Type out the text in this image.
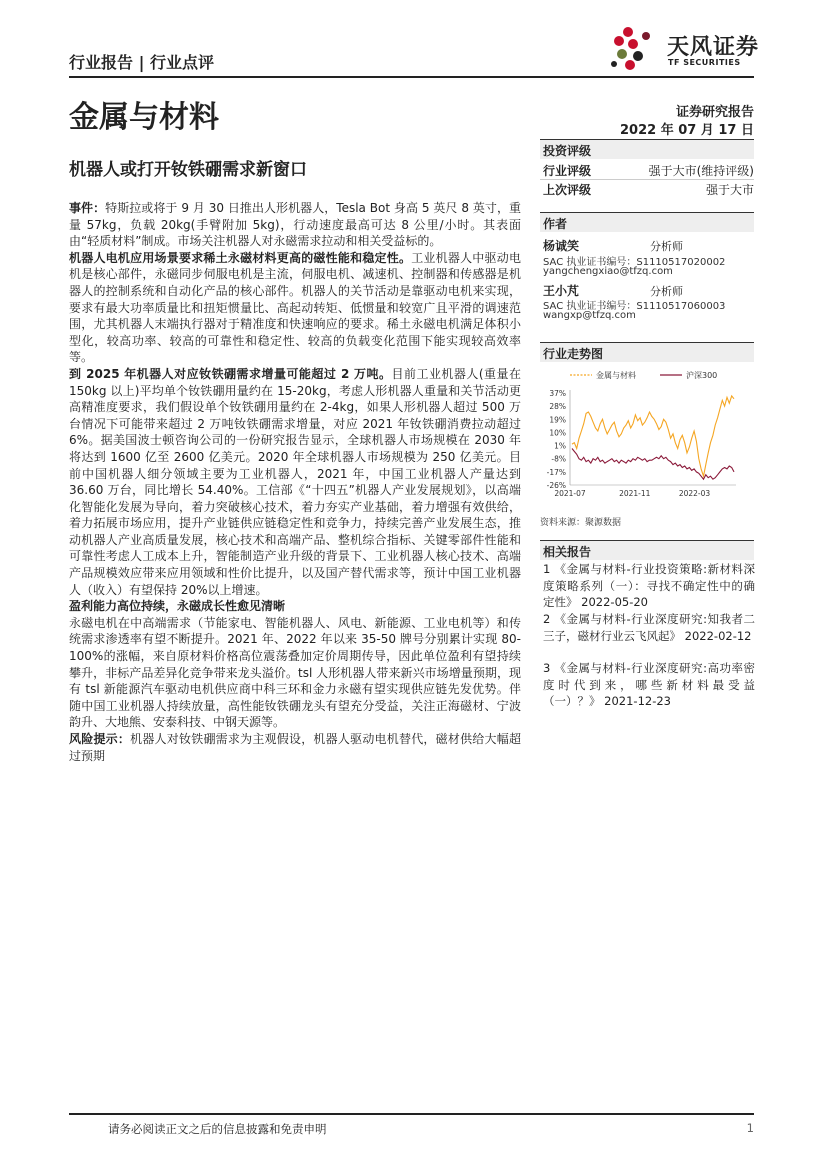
行业报告 | 行业点评
天风证券
TF SECURITIES
金属与材料	证券研究报告
2022 年 07 月 17 日
机器人或打开钕铁硼需求新窗口

事件：特斯拉或将于 9 月 30 日推出人形机器人，Tesla Bot 身高 5 英尺 8 英寸，重量 57kg，负载 20kg(手臂附加 5kg)，行动速度最高可达 8 公里/小时。其表面由“轻质材料”制成。市场关注机器人对永磁需求拉动和相关受益标的。

机器人电机应用场景要求稀土永磁材料更高的磁性能和稳定性。工业机器人中驱动电机是核心部件，永磁同步伺服电机是主流，伺服电机、减速机、控制器和传感器是机器人的控制系统和自动化产品的核心部件。机器人的关节活动是靠驱动电机来实现，要求有最大功率质量比和扭矩惯量比、高起动转矩、低惯量和较宽广且平滑的调速范围，尤其机器人末端执行器对于精准度和快速响应的要求。稀土永磁电机满足体积小型化，较高功率、较高的可靠性和稳定性、较高的负载变化范围下能实现较高效率等。

到 2025 年机器人对应钕铁硼需求增量可能超过 2 万吨。目前工业机器人(重量在 150kg 以上)平均单个钕铁硼用量约在 15-20kg，考虑人形机器人重量和关节活动更高精准度要求，我们假设单个钕铁硼用量约在 2-4kg，如果人形机器人超过 500 万台情况下可能带来超过 2 万吨钕铁硼需求增量，对应 2021 年钕铁硼消费拉动超过 6%。据美国波士顿咨询公司的一份研究报告显示，全球机器人市场规模在 2030 年将达到 1600 亿至 2600 亿美元。2020 年全球机器人市场规模为 250 亿美元。目前中国机器人细分领域主要为工业机器人，2021 年，中国工业机器人产量达到 36.60 万台，同比增长 54.40%。工信部《“十四五”机器人产业发展规划》，以高端化智能化发展为导向，着力突破核心技术，着力夯实产业基础，着力增强有效供给，着力拓展市场应用，提升产业链供应链稳定性和竞争力，持续完善产业发展生态，推动机器人产业高质量发展，核心技术和高端产品、整机综合指标、关键零部件性能和可靠性考虑人工成本上升，智能制造产业升级的背景下、工业机器人核心技术、高端产品规模效应带来应用领域和性价比提升，以及国产替代需求等，预计中国工业机器人（收入）有望保持 20%以上增速。

盈利能力高位持续，永磁成长性愈见清晰

永磁电机在中高端需求（节能家电、智能机器人、风电、新能源、工业电机等）和传统需求渗透率有望不断提升。2021 年、2022 年以来 35-50 牌号分别累计实现 80-100%的涨幅，来自原材料价格高位震荡叠加定价周期传导，因此单位盈利有望持续攀升，非标产品差异化竞争带来龙头溢价。tsl 人形机器人带来新兴市场增量预期，现有 tsl 新能源汽车驱动电机供应商中科三环和金力永磁有望实现供应链先发优势。伴随中国工业机器人持续放量，高性能钕铁硼龙头有望充分受益，关注正海磁材、宁波韵升、大地熊、安泰科技、中钢天源等。

风险提示：机器人对钕铁硼需求为主观假设，机器人驱动电机替代，磁材供给大幅超过预期

投资评级
行业评级	强于大市(维持评级)
上次评级	强于大市
作者
杨诚笑	分析师
SAC 执业证书编号：S1110517020002
yangchengxiao@tfzq.com
王小芃	分析师
SAC 执业证书编号：S1110517060003
wangxp@tfzq.com
行业走势图
金属与材料	沪深300
37%
28%
19%
10%
1%
-8%
-17%
-26%
2021-07	2021-11	2022-03
资料来源：聚源数据
相关报告
1 《金属与材料-行业投资策略:新材料深度策略系列（一）：寻找不确定性中的确定性》 2022-05-20
2 《金属与材料-行业深度研究:知我者二三子，磁材行业云飞风起》 2022-02-12
3 《金属与材料-行业深度研究:高功率密度时代到来，哪些新材料最受益（一）？》 2021-12-23
请务必阅读正文之后的信息披露和免责申明	1
